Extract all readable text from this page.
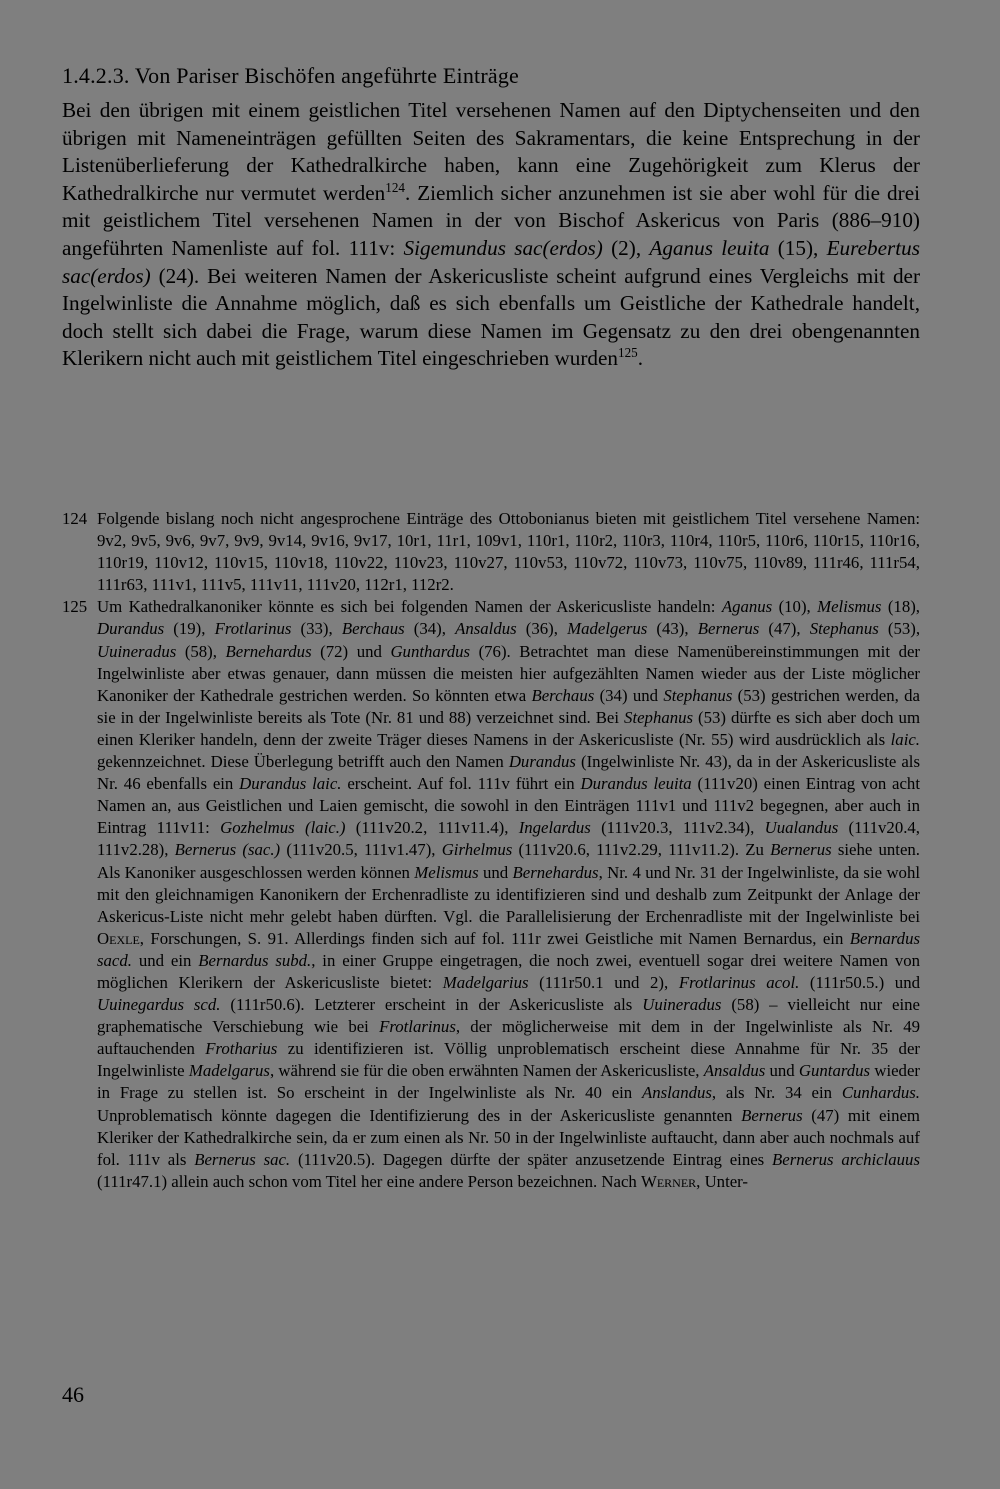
1.4.2.3. Von Pariser Bischöfen angeführte Einträge

Bei den übrigen mit einem geistlichen Titel versehenen Namen auf den Diptychenseiten und den übrigen mit Nameneinträgen gefüllten Seiten des Sakramentars, die keine Entsprechung in der Listenüberlieferung der Kathedralkirche haben, kann eine Zugehörigkeit zum Klerus der Kathedralkirche nur vermutet werden$^{124}$. Ziemlich sicher anzunehmen ist sie aber wohl für die drei mit geistlichem Titel versehenen Namen in der von Bischof Askericus von Paris (886–910) angeführten Namenliste auf fol. 111v: Sigemundus sac(erdos) (2), Aganus leuita (15), Eurebertus sac(erdos) (24). Bei weiteren Namen der Askericusliste scheint aufgrund eines Vergleichs mit der Ingelwinliste die Annahme möglich, daß es sich ebenfalls um Geistliche der Kathedrale handelt, doch stellt sich dabei die Frage, warum diese Namen im Gegensatz zu den drei obengenannten Klerikern nicht auch mit geistlichem Titel eingeschrieben wurden$^{125}$.

124 Folgende bislang noch nicht angesprochene Einträge des Ottobonianus bieten mit geistlichem Titel versehene Namen: 9v2, 9v5, 9v6, 9v7, 9v9, 9v14, 9v16, 9v17, 10r1, 11r1, 109v1, 110r1, 110r2, 110r3, 110r4, 110r5, 110r6, 110r15, 110r16, 110r19, 110v12, 110v15, 110v18, 110v22, 110v23, 110v27, 110v53, 110v72, 110v73, 110v75, 110v89, 111r46, 111r54, 111r63, 111v1, 111v5, 111v11, 111v20, 112r1, 112r2.

125 Um Kathedralkanoniker könnte es sich bei folgenden Namen der Askericusliste handeln: Aganus (10), Melismus (18), Durandus (19), Frotlarinus (33), Berchaus (34), Ansaldus (36), Madelgerus (43), Bernerus (47), Stephanus (53), Uuineradus (58), Bernehardus (72) und Gunthardus (76). Betrachtet man diese Namenübereinstimmungen mit der Ingelwinliste aber etwas genauer, dann müssen die meisten hier aufgezählten Namen wieder aus der Liste möglicher Kanoniker der Kathedrale gestrichen werden. So könnten etwa Berchaus (34) und Stephanus (53) gestrichen werden, da sie in der Ingelwinliste bereits als Tote (Nr. 81 und 88) verzeichnet sind. Bei Stephanus (53) dürfte es sich aber doch um einen Kleriker handeln, denn der zweite Träger dieses Namens in der Askericusliste (Nr. 55) wird ausdrücklich als laic. gekennzeichnet. Diese Überlegung betrifft auch den Namen Durandus (Ingelwinliste Nr. 43), da in der Askericusliste als Nr. 46 ebenfalls ein Durandus laic. erscheint. Auf fol. 111v führt ein Durandus leuita (111v20) einen Eintrag von acht Namen an, aus Geistlichen und Laien gemischt, die sowohl in den Einträgen 111v1 und 111v2 begegnen, aber auch in Eintrag 111v11: Gozhelmus (laic.) (111v20.2, 111v11.4), Ingelardus (111v20.3, 111v2.34), Uualandus (111v20.4, 111v2.28), Bernerus (sac.) (111v20.5, 111v1.47), Girhelmus (111v20.6, 111v2.29, 111v11.2). Zu Bernerus siehe unten. Als Kanoniker ausgeschlossen werden können Melismus und Bernehardus, Nr. 4 und Nr. 31 der Ingelwinliste, da sie wohl mit den gleichnamigen Kanonikern der Erchenradliste zu identifizieren sind und deshalb zum Zeitpunkt der Anlage der Askericus-Liste nicht mehr gelebt haben dürften. Vgl. die Parallelisierung der Erchenradliste mit der Ingelwinliste bei Oexle, Forschungen, S. 91. Allerdings finden sich auf fol. 111r zwei Geistliche mit Namen Bernardus, ein Bernardus sacd. und ein Bernardus subd., in einer Gruppe eingetragen, die noch zwei, eventuell sogar drei weitere Namen von möglichen Klerikern der Askericusliste bietet: Madelgarius (111r50.1 und 2), Frotlarinus acol. (111r50.5.) und Uuinegardus scd. (111r50.6). Letzterer erscheint in der Askericusliste als Uuineradus (58) – vielleicht nur eine graphematische Verschiebung wie bei Frotlarinus, der möglicherweise mit dem in der Ingelwinliste als Nr. 49 auftauchenden Frotharius zu identifizieren ist. Völlig unproblematisch erscheint diese Annahme für Nr. 35 der Ingelwinliste Madelgarus, während sie für die oben erwähnten Namen der Askericusliste, Ansaldus und Guntardus wieder in Frage zu stellen ist. So erscheint in der Ingelwinliste als Nr. 40 ein Anslandus, als Nr. 34 ein Cunhardus. Unproblematisch könnte dagegen die Identifizierung des in der Askericusliste genannten Bernerus (47) mit einem Kleriker der Kathedralkirche sein, da er zum einen als Nr. 50 in der Ingelwinliste auftaucht, dann aber auch nochmals auf fol. 111v als Bernerus sac. (111v20.5). Dagegen dürfte der später anzusetzende Eintrag eines Bernerus archiclauus (111r47.1) allein auch schon vom Titel her eine andere Person bezeichnen. Nach Werner, Unter-

46
